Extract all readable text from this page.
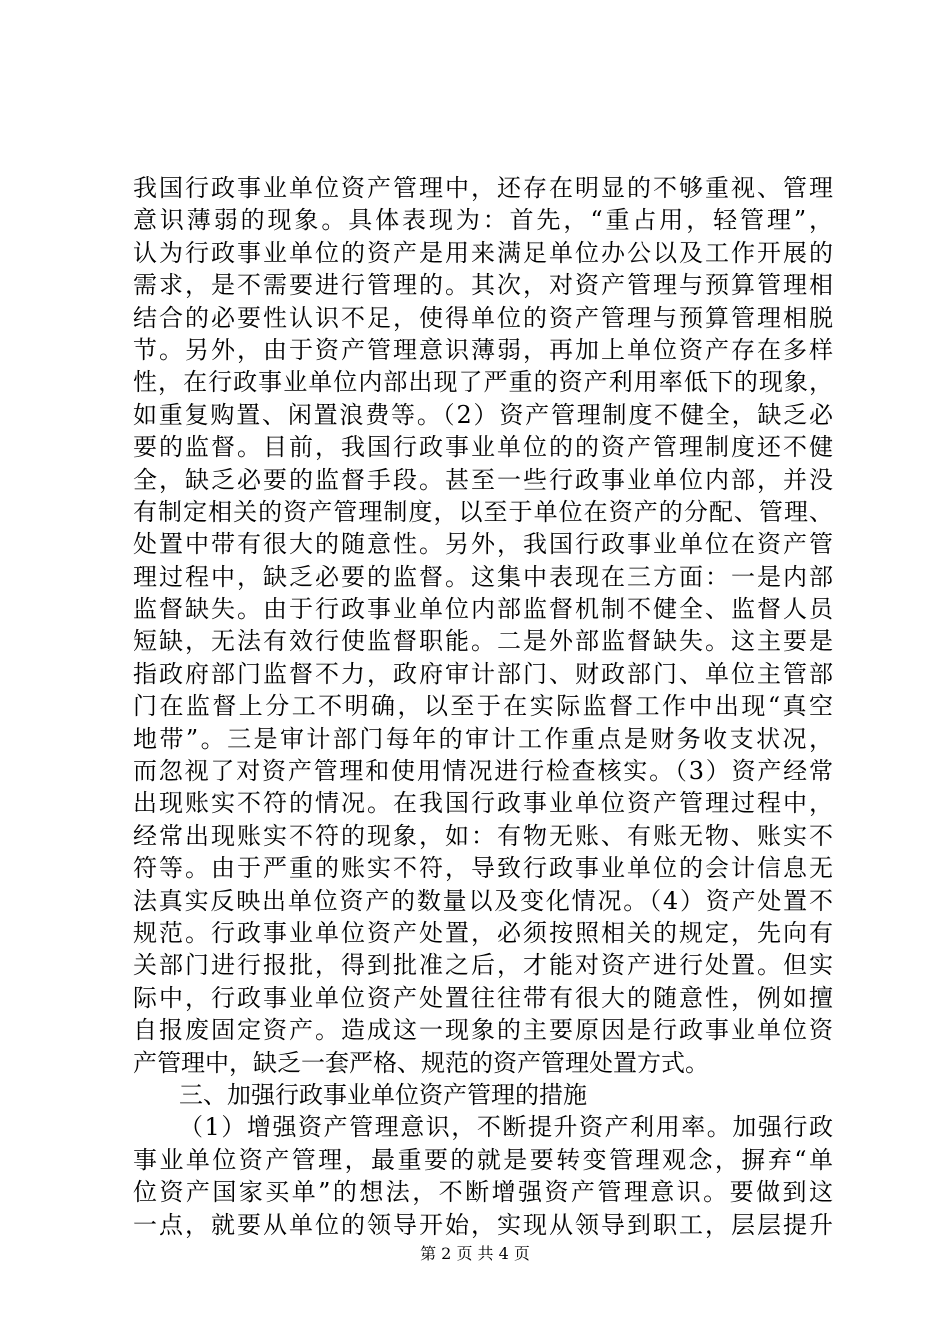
我国行政事业单位资产管理中，还存在明显的不够重视、管理
意识薄弱的现象。具体表现为：首先，“重占用，轻管理”，
认为行政事业单位的资产是用来满足单位办公以及工作开展的
需求，是不需要进行管理的。其次，对资产管理与预算管理相
结合的必要性认识不足，使得单位的资产管理与预算管理相脱
节。另外，由于资产管理意识薄弱，再加上单位资产存在多样
性，在行政事业单位内部出现了严重的资产利用率低下的现象，
如重复购置、闲置浪费等。（2）资产管理制度不健全，缺乏必
要的监督。目前，我国行政事业单位的的资产管理制度还不健
全，缺乏必要的监督手段。甚至一些行政事业单位内部，并没
有制定相关的资产管理制度，以至于单位在资产的分配、管理、
处置中带有很大的随意性。另外，我国行政事业单位在资产管
理过程中，缺乏必要的监督。这集中表现在三方面：一是内部
监督缺失。由于行政事业单位内部监督机制不健全、监督人员
短缺，无法有效行使监督职能。二是外部监督缺失。这主要是
指政府部门监督不力，政府审计部门、财政部门、单位主管部
门在监督上分工不明确，以至于在实际监督工作中出现“真空
地带”。三是审计部门每年的审计工作重点是财务收支状况，
而忽视了对资产管理和使用情况进行检查核实。（3）资产经常
出现账实不符的情况。在我国行政事业单位资产管理过程中，
经常出现账实不符的现象，如：有物无账、有账无物、账实不
符等。由于严重的账实不符，导致行政事业单位的会计信息无
法真实反映出单位资产的数量以及变化情况。（4）资产处置不
规范。行政事业单位资产处置，必须按照相关的规定，先向有
关部门进行报批，得到批准之后，才能对资产进行处置。但实
际中，行政事业单位资产处置往往带有很大的随意性，例如擅
自报废固定资产。造成这一现象的主要原因是行政事业单位资
产管理中，缺乏一套严格、规范的资产管理处置方式。
三、加强行政事业单位资产管理的措施
（1）增强资产管理意识，不断提升资产利用率。加强行政
事业单位资产管理，最重要的就是要转变管理观念，摒弃“单
位资产国家买单”的想法，不断增强资产管理意识。要做到这
一点，就要从单位的领导开始，实现从领导到职工，层层提升
第 2 页 共 4 页
